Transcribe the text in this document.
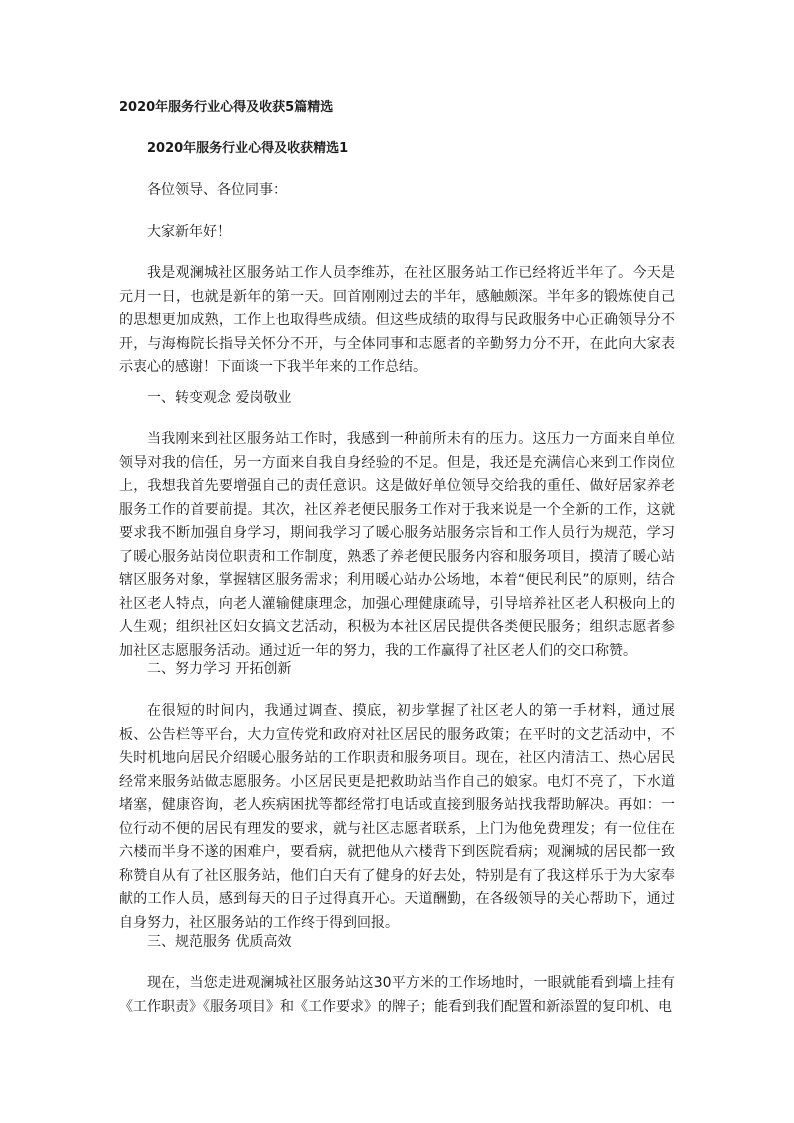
2020年服务行业心得及收获5篇精选
2020年服务行业心得及收获精选1
各位领导、各位同事：
大家新年好！

我是观澜城社区服务站工作人员李维苏，在社区服务站工作已经将近半年了。今天是元月一日，也就是新年的第一天。回首刚刚过去的半年，感触颇深。半年多的锻炼使自己的思想更加成熟，工作上也取得些成绩。但这些成绩的取得与民政服务中心正确领导分不开，与海梅院长指导关怀分不开，与全体同事和志愿者的辛勤努力分不开，在此向大家表示衷心的感谢！下面谈一下我半年来的工作总结。

一、转变观念 爱岗敬业

当我刚来到社区服务站工作时，我感到一种前所未有的压力。这压力一方面来自单位领导对我的信任，另一方面来自我自身经验的不足。但是，我还是充满信心来到工作岗位上，我想我首先要增强自己的责任意识。这是做好单位领导交给我的重任、做好居家养老服务工作的首要前提。其次，社区养老便民服务工作对于我来说是一个全新的工作，这就要求我不断加强自身学习，期间我学习了暖心服务站服务宗旨和工作人员行为规范，学习了暖心服务站岗位职责和工作制度，熟悉了养老便民服务内容和服务项目，摸清了暖心站辖区服务对象，掌握辖区服务需求；利用暖心站办公场地，本着“便民利民”的原则，结合社区老人特点，向老人灌输健康理念，加强心理健康疏导，引导培养社区老人积极向上的人生观；组织社区妇女搞文艺活动，积极为本社区居民提供各类便民服务；组织志愿者参加社区志愿服务活动。通过近一年的努力，我的工作赢得了社区老人们的交口称赞。

二、努力学习 开拓创新

在很短的时间内，我通过调查、摸底，初步掌握了社区老人的第一手材料，通过展板、公告栏等平台，大力宣传党和政府对社区居民的服务政策；在平时的文艺活动中，不失时机地向居民介绍暖心服务站的工作职责和服务项目。现在，社区内清洁工、热心居民经常来服务站做志愿服务。小区居民更是把救助站当作自己的娘家。电灯不亮了，下水道堵塞，健康咨询，老人疾病困扰等都经常打电话或直接到服务站找我帮助解决。再如：一位行动不便的居民有理发的要求，就与社区志愿者联系，上门为他免费理发；有一位住在六楼而半身不遂的困难户，要看病，就把他从六楼背下到医院看病；观澜城的居民都一致称赞自从有了社区服务站，他们白天有了健身的好去处，特别是有了我这样乐于为大家奉献的工作人员，感到每天的日子过得真开心。天道酬勤，在各级领导的关心帮助下，通过自身努力，社区服务站的工作终于得到回报。

三、规范服务 优质高效

现在，当您走进观澜城社区服务站这30平方米的工作场地时，一眼就能看到墙上挂有《工作职责》《服务项目》和《工作要求》的牌子；能看到我们配置和新添置的复印机、电
